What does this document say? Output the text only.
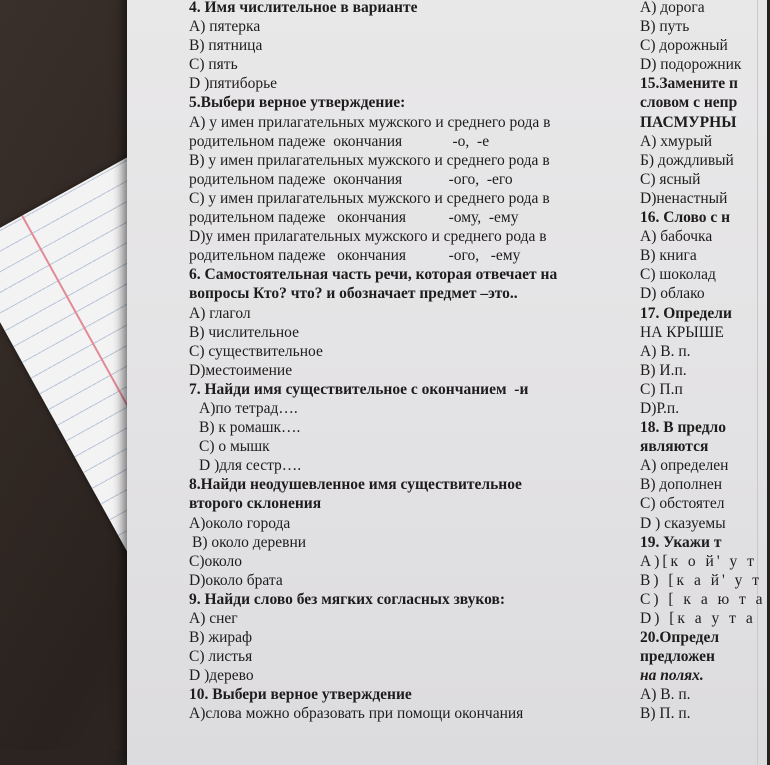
4. Имя числительное в варианте
А) пятерка
В) пятница
С) пять
D )пятиборье
5.Выбери верное утверждение:
А) у имен прилагательных мужского и среднего рода в
родительном падеже  окончания             -о,  -е
В) у имен прилагательных мужского и среднего рода в
родительном падеже  окончания            -ого,  -его
С) у имен прилагательных мужского и среднего рода в
родительном падеже   окончания           -ому,  -ему
D)у имен прилагательных мужского и среднего рода в
родительном падеже   окончания           -ого,   -ему
6. Самостоятельная часть речи, которая отвечает на
вопросы Кто? что? и обозначает предмет –это..
А) глагол
В) числительное
С) существительное
D)местоимение
7. Найди имя существительное с окончанием  -и
А)по тетрад….
В) к ромашк….
С) о мышк
D )для сестр….
8.Найди неодушевленное имя существительное
второго склонения
А)около города
В) около деревни
С)около
D)около брата
9. Найди слово без мягких согласных звуков:
А) снег
В) жираф
С) листья
D )дерево
10. Выбери верное утверждение
А)слова можно образовать при помощи окончания
А) дорога
В) путь
С) дорожный
D) подорожник
15.Замените п
словом с непр
ПАСМУРНЫ
А) хмурый
Б) дождливый
С) ясный
D)ненастный
16. Слово с н
А) бабочка
В) книга
С) шоколад
D) облако
17. Определи
НА КРЫШЕ
А) В. п.
В) И.п.
С) П.п
D)Р.п.
18. В предло
являются
А) определен
В) дополнен
С) обстоятел
D ) сказуемы
19. Укажи т
А)[к о й' у т
В) [к а й' у т
С) [ к а ю т а
D) [к а у т а
20.Определ
предложен
на полях.
А) В. п.
В) П. п.
